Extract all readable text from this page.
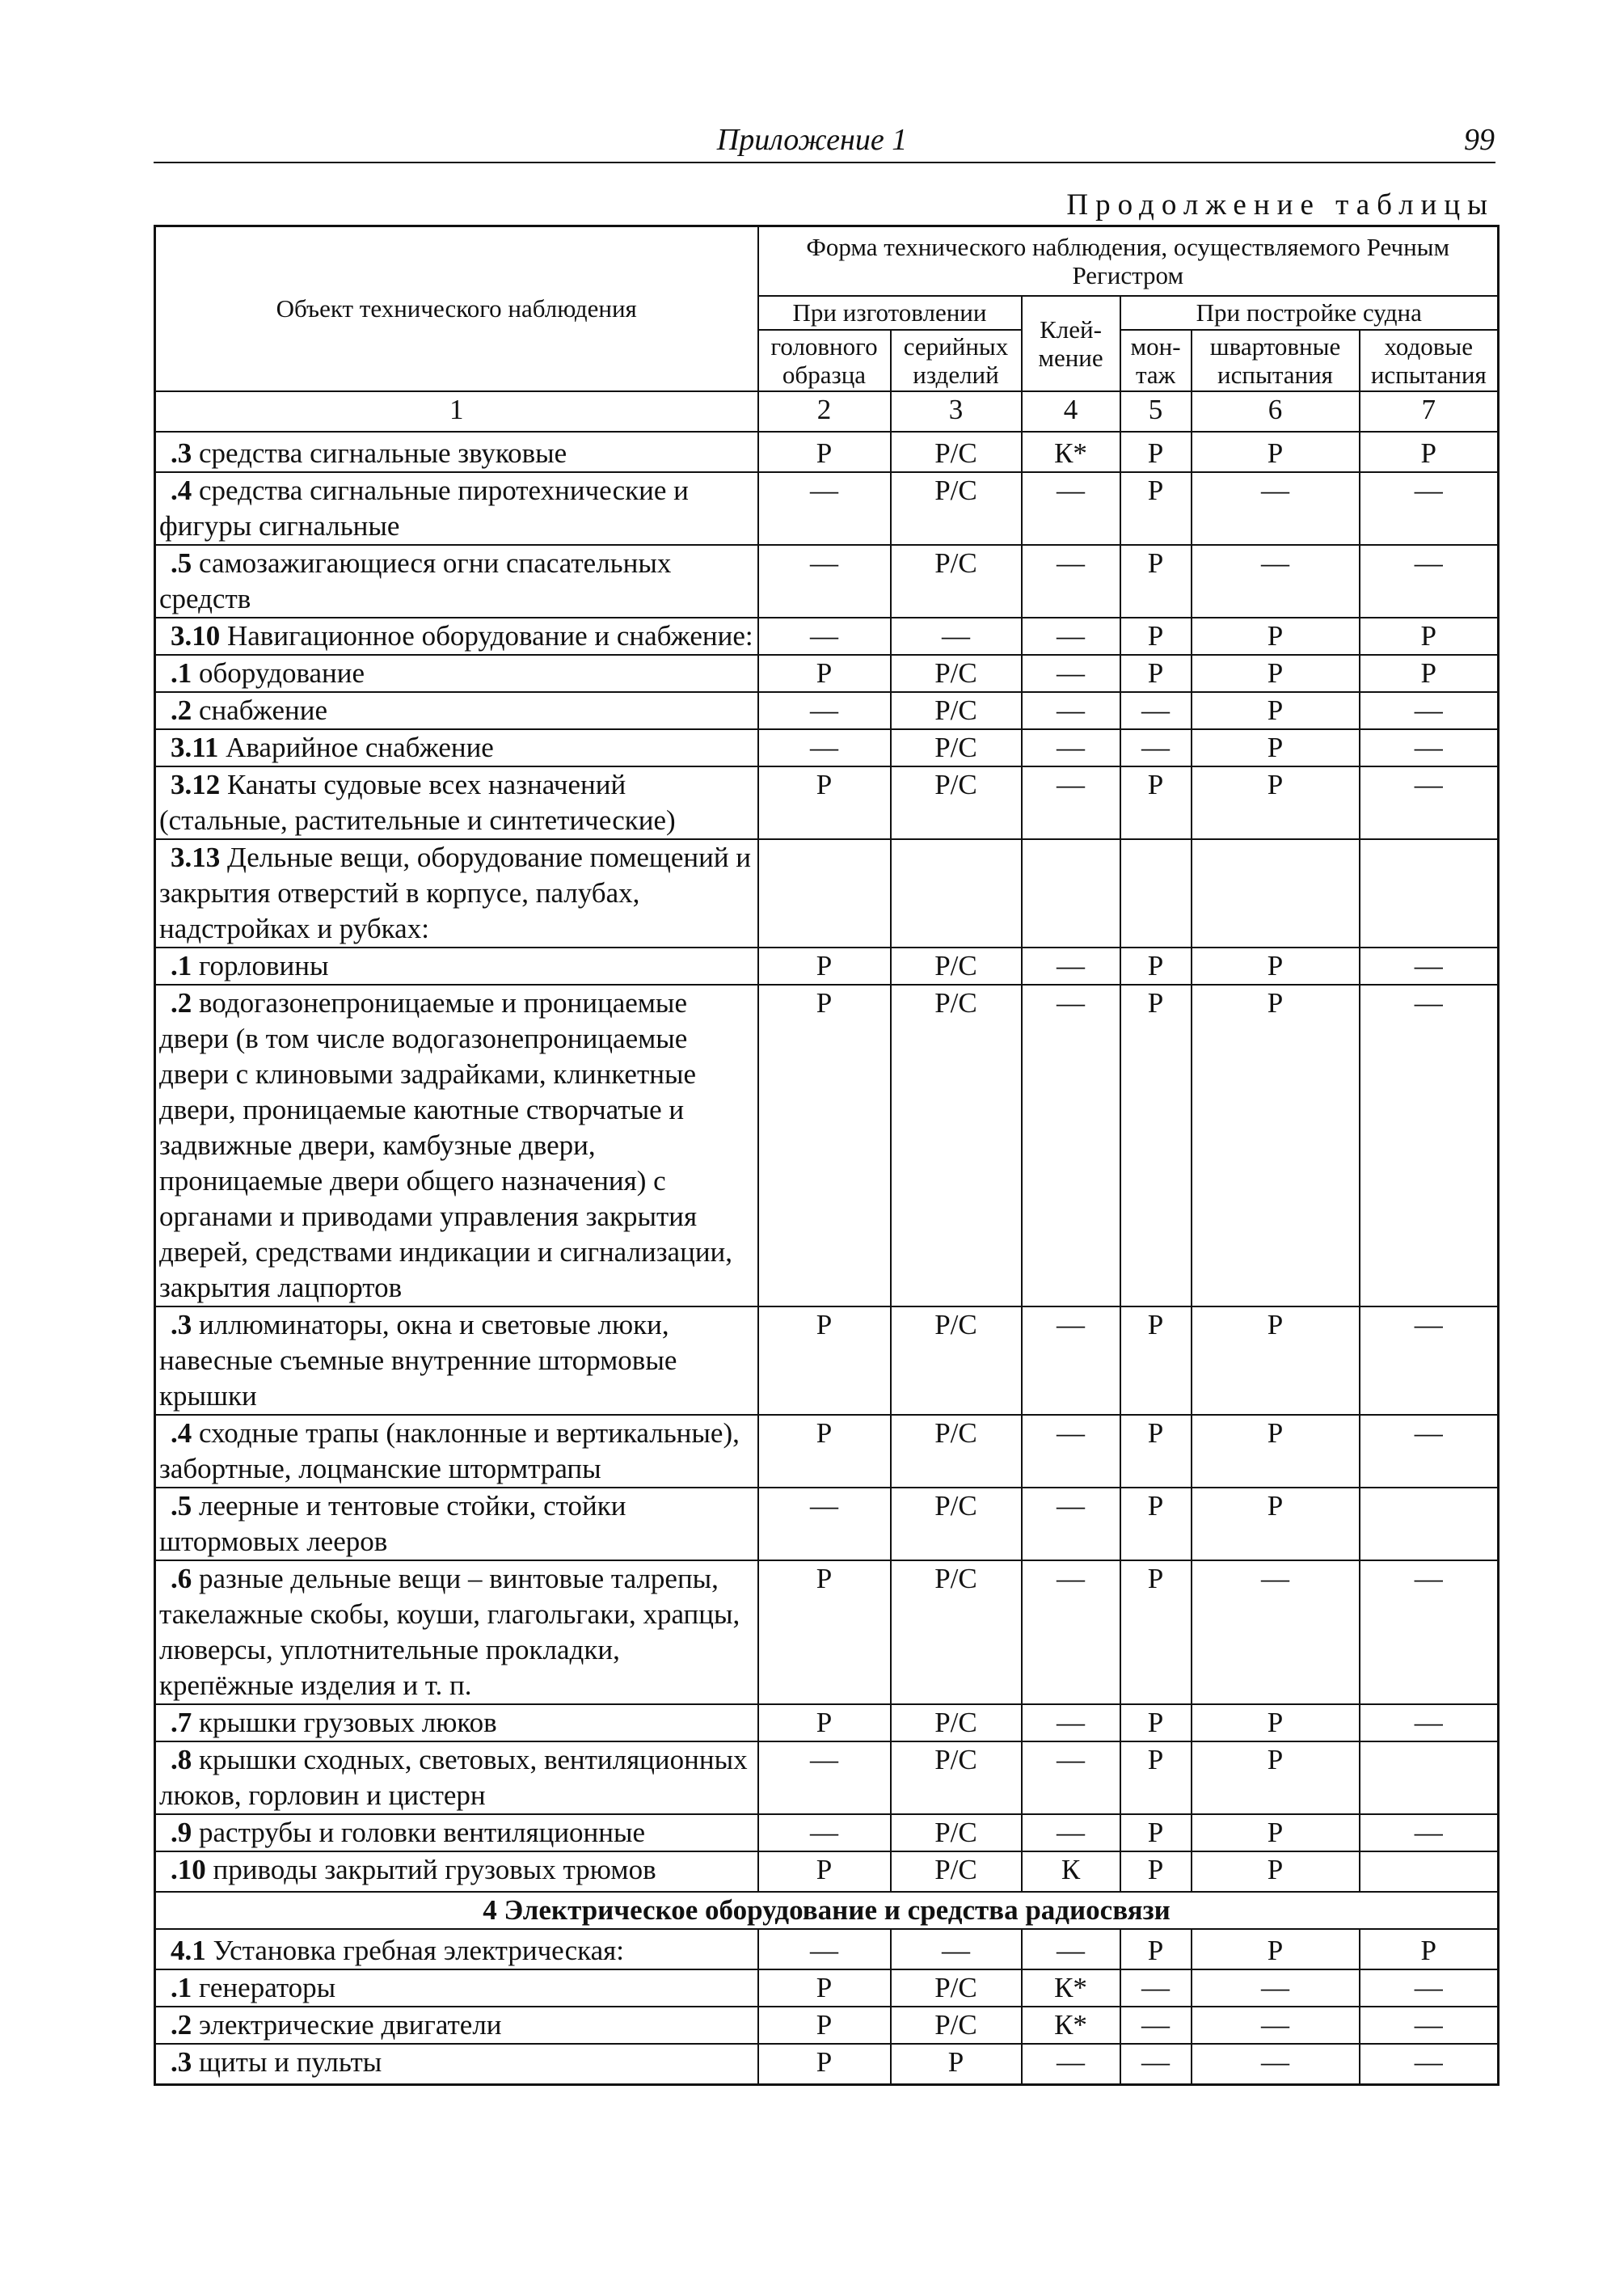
Приложение 1	99
Продолжение таблицы
Объект технического наблюдения	Форма технического наблюдения, осуществляемого Речным Регистром					
	При изготовлении		Клей-мение	При постройке судна		
	головного образца	серийных изделий		мон-таж	швартовные испытания	ходовые испытания
1	2	3	4	5	6	7

.3 средства сигнальные звуковые	Р	Р/С	К*	Р	Р	Р

.4 средства сигнальные пиротехнические и фигуры сигнальные	—	Р/С	—	Р	—	—

.5 самозажигающиеся огни спасательных средств	—	Р/С	—	Р	—	—

3.10 Навигационное оборудование и снабжение:	—	—	—	Р	Р	Р

.1 оборудование	Р	Р/С	—	Р	Р	Р

.2 снабжение	—	Р/С	—	—	Р	—

3.11 Аварийное снабжение	—	Р/С	—	—	Р	—

3.12 Канаты судовые всех назначений (стальные, растительные и синтетические)	Р	Р/С	—	Р	Р	—

3.13 Дельные вещи, оборудование помещений и закрытия отверстий в корпусе, палубах, надстройках и рубках:						

.1 горловины	Р	Р/С	—	Р	Р	—

.2 водогазонепроницаемые и проницаемые двери (в том числе водогазонепроницаемые двери с клиновыми задрайками, клинкетные двери, проницаемые каютные створчатые и задвижные двери, камбузные двери, проницаемые двери общего назначения) с органами и приводами управления закрытия дверей, средствами индикации и сигнализации, закрытия лацпортов	Р	Р/С	—	Р	Р	—

.3 иллюминаторы, окна и световые люки, навесные съемные внутренние штормовые крышки	Р	Р/С	—	Р	Р	—

.4 сходные трапы (наклонные и вертикальные), забортные, лоцманские штормтрапы	Р	Р/С	—	Р	Р	—

.5 леерные и тентовые стойки, стойки штормовых лееров	—	Р/С	—	Р	Р	

.6 разные дельные вещи – винтовые талрепы, такелажные скобы, коуши, глагольгаки, храпцы, люверсы, уплотнительные прокладки, крепёжные изделия и т. п.	Р	Р/С	—	Р	—	—

.7 крышки грузовых люков	Р	Р/С	—	Р	Р	—

.8 крышки сходных, световых, вентиляционных люков, горловин и цистерн	—	Р/С	—	Р	Р	

.9 раструбы и головки вентиляционные	—	Р/С	—	Р	Р	—

.10 приводы закрытий грузовых трюмов	Р	Р/С	К	Р	Р	
4 Электрическое оборудование и средства радиосвязи						

4.1 Установка гребная электрическая:	—	—	—	Р	Р	Р

.1 генераторы	Р	Р/С	К*	—	—	—

.2 электрические двигатели	Р	Р/С	К*	—	—	—

.3 щиты и пульты	Р	Р	—	—	—	—
